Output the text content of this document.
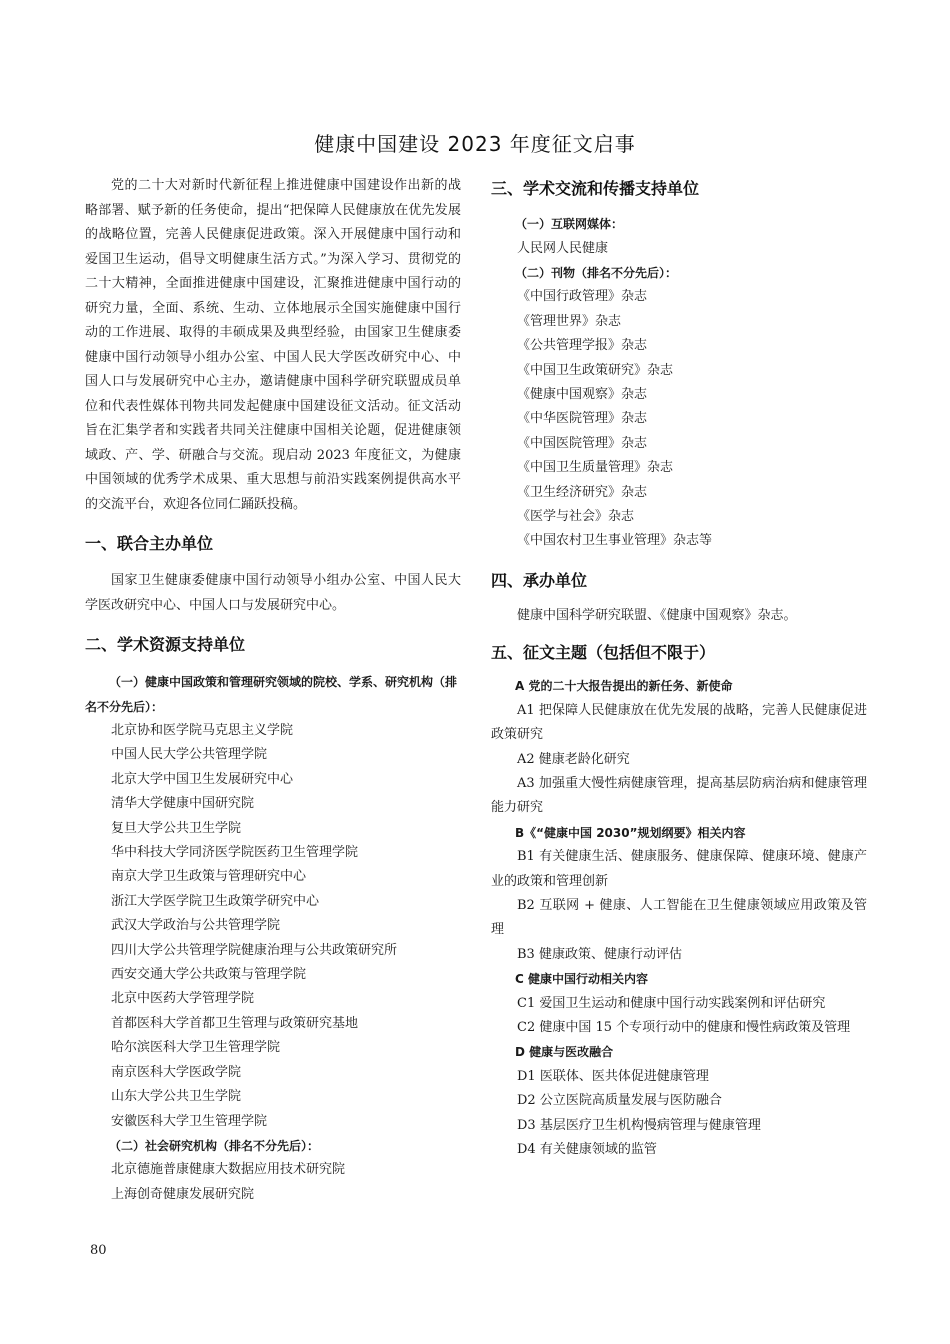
健康中国建设 2023 年度征文启事

党的二十大对新时代新征程上推进健康中国建设作出新的战略部署、赋予新的任务使命，提出“把保障人民健康放在优先发展的战略位置，完善人民健康促进政策。深入开展健康中国行动和爱国卫生运动，倡导文明健康生活方式。”为深入学习、贯彻党的二十大精神，全面推进健康中国建设，汇聚推进健康中国行动的研究力量，全面、系统、生动、立体地展示全国实施健康中国行动的工作进展、取得的丰硕成果及典型经验，由国家卫生健康委健康中国行动领导小组办公室、中国人民大学医改研究中心、中国人口与发展研究中心主办，邀请健康中国科学研究联盟成员单位和代表性媒体刊物共同发起健康中国建设征文活动。征文活动旨在汇集学者和实践者共同关注健康中国相关论题，促进健康领域政、产、学、研融合与交流。现启动 2023 年度征文，为健康中国领域的优秀学术成果、重大思想与前沿实践案例提供高水平的交流平台，欢迎各位同仁踊跃投稿。

一、联合主办单位

国家卫生健康委健康中国行动领导小组办公室、中国人民大学医改研究中心、中国人口与发展研究中心。

二、学术资源支持单位

（一）健康中国政策和管理研究领域的院校、学系、研究机构（排名不分先后）：

北京协和医学院马克思主义学院

中国人民大学公共管理学院

北京大学中国卫生发展研究中心

清华大学健康中国研究院

复旦大学公共卫生学院

华中科技大学同济医学院医药卫生管理学院

南京大学卫生政策与管理研究中心

浙江大学医学院卫生政策学研究中心

武汉大学政治与公共管理学院

四川大学公共管理学院健康治理与公共政策研究所

西安交通大学公共政策与管理学院

北京中医药大学管理学院

首都医科大学首都卫生管理与政策研究基地

哈尔滨医科大学卫生管理学院

南京医科大学医政学院

山东大学公共卫生学院

安徽医科大学卫生管理学院

（二）社会研究机构（排名不分先后）：

北京德施普康健康大数据应用技术研究院

上海创奇健康发展研究院

三、学术交流和传播支持单位

（一）互联网媒体：

人民网人民健康

（二）刊物（排名不分先后）：

《中国行政管理》杂志

《管理世界》杂志

《公共管理学报》杂志

《中国卫生政策研究》杂志

《健康中国观察》杂志

《中华医院管理》杂志

《中国医院管理》杂志

《中国卫生质量管理》杂志

《卫生经济研究》杂志

《医学与社会》杂志

《中国农村卫生事业管理》杂志等

四、承办单位

健康中国科学研究联盟、《健康中国观察》杂志。

五、征文主题（包括但不限于）

A 党的二十大报告提出的新任务、新使命

A1 把保障人民健康放在优先发展的战略，完善人民健康促进政策研究

A2 健康老龄化研究

A3 加强重大慢性病健康管理，提高基层防病治病和健康管理能力研究

B《“健康中国 2030”规划纲要》相关内容

B1 有关健康生活、健康服务、健康保障、健康环境、健康产业的政策和管理创新

B2 互联网 + 健康、人工智能在卫生健康领域应用政策及管理

B3 健康政策、健康行动评估

C 健康中国行动相关内容

C1 爱国卫生运动和健康中国行动实践案例和评估研究

C2 健康中国 15 个专项行动中的健康和慢性病政策及管理

D 健康与医改融合

D1 医联体、医共体促进健康管理

D2 公立医院高质量发展与医防融合

D3 基层医疗卫生机构慢病管理与健康管理

D4 有关健康领域的监管

80
